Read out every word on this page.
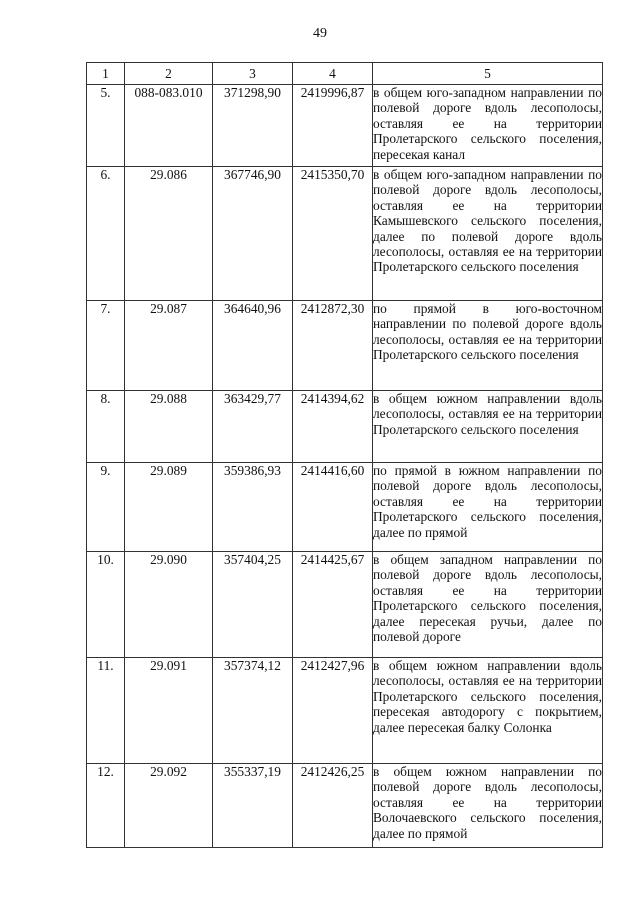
49
1	2	3	4	5
5.	088-083.010	371298,90	2419996,87	в общем юго-западном направлении по полевой дороге вдоль лесополосы, оставляя ее на территории Пролетарского сельского поселения, пересекая канал
6.	29.086	367746,90	2415350,70	в общем юго-западном направлении по полевой дороге вдоль лесополосы, оставляя ее на территории Камышевского сельского поселения, далее по полевой дороге вдоль лесополосы, оставляя ее на территории Пролетарского сельского поселения
7.	29.087	364640,96	2412872,30	по прямой в юго-восточном направлении по полевой дороге вдоль лесополосы, оставляя ее на территории Пролетарского сельского поселения
8.	29.088	363429,77	2414394,62	в общем южном направлении вдоль лесополосы, оставляя ее на территории Пролетарского сельского поселения
9.	29.089	359386,93	2414416,60	по прямой в южном направлении по полевой дороге вдоль лесополосы, оставляя ее на территории Пролетарского сельского поселения, далее по прямой
10.	29.090	357404,25	2414425,67	в общем западном направлении по полевой дороге вдоль лесополосы, оставляя ее на территории Пролетарского сельского поселения, далее пересекая ручьи, далее по полевой дороге
11.	29.091	357374,12	2412427,96	в общем южном направлении вдоль лесополосы, оставляя ее на территории Пролетарского сельского поселения, пересекая автодорогу с покрытием, далее пересекая балку Солонка
12.	29.092	355337,19	2412426,25	в общем южном направлении по полевой дороге вдоль лесополосы, оставляя ее на территории Волочаевского сельского поселения, далее по прямой
